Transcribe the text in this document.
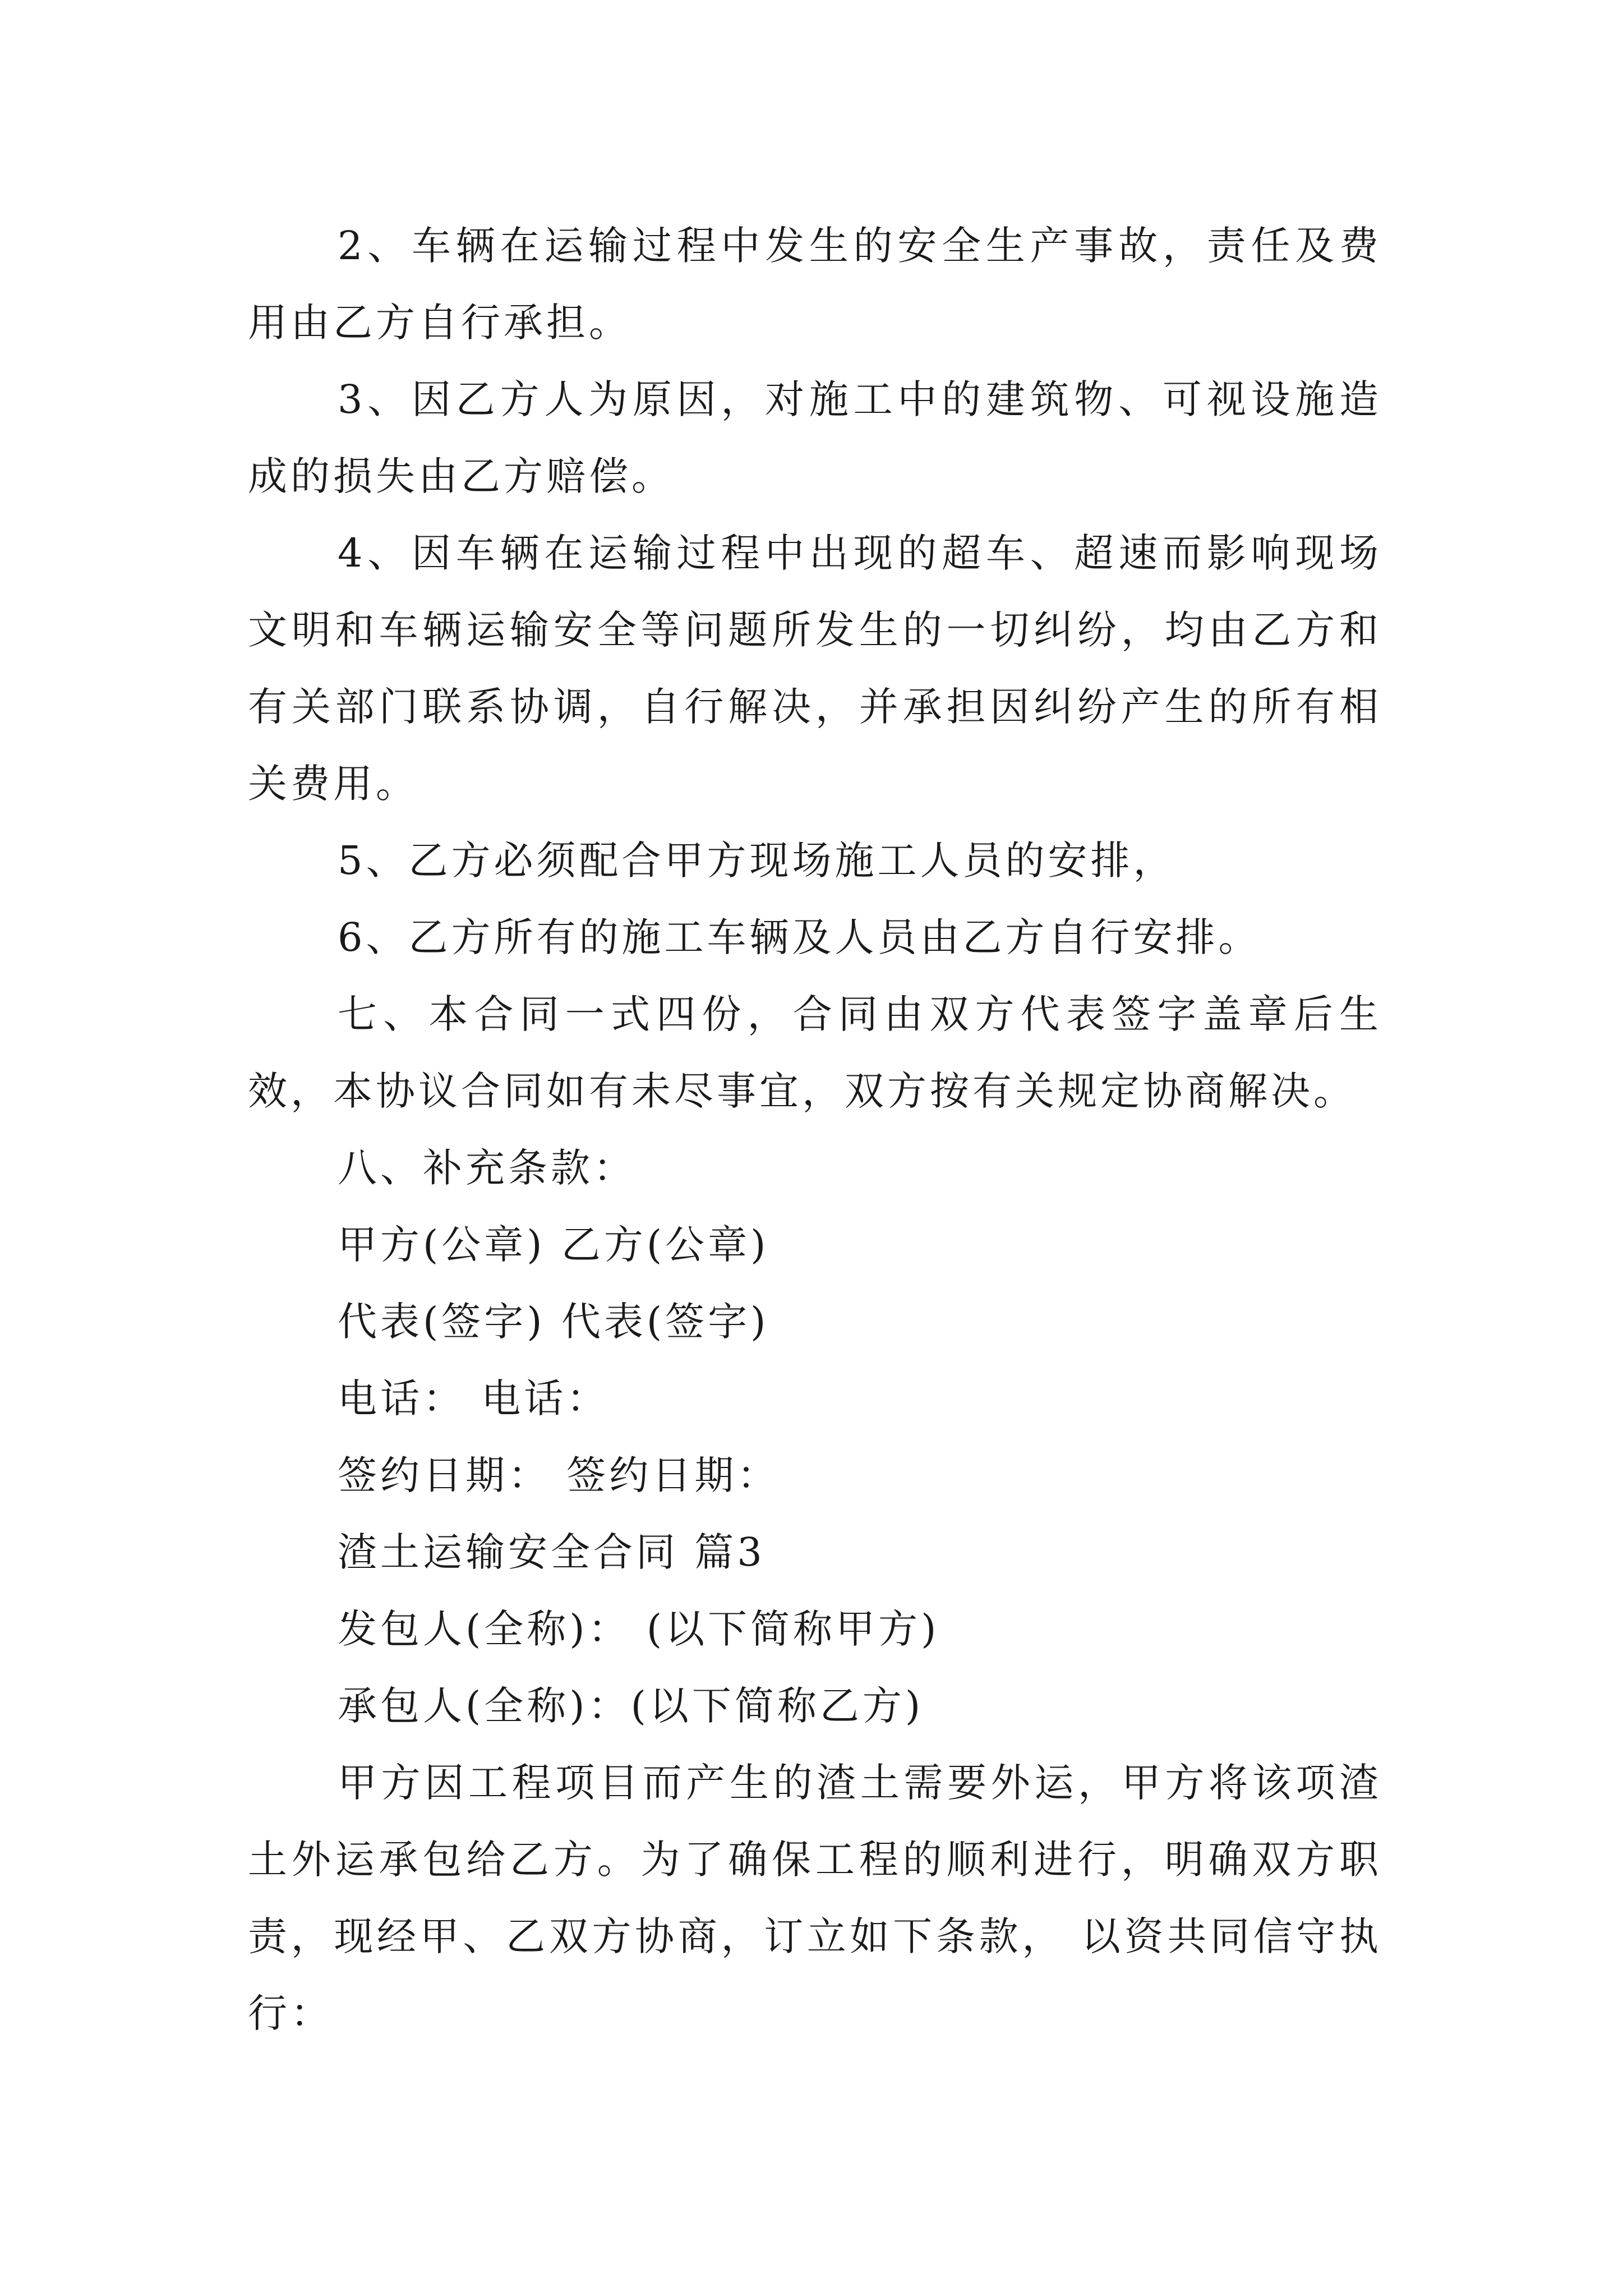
2、车辆在运输过程中发生的安全生产事故，责任及费用由乙方自行承担。

3、因乙方人为原因，对施工中的建筑物、可视设施造成的损失由乙方赔偿。

4、因车辆在运输过程中出现的超车、超速而影响现场文明和车辆运输安全等问题所发生的一切纠纷，均由乙方和有关部门联系协调，自行解决，并承担因纠纷产生的所有相关费用。

5、乙方必须配合甲方现场施工人员的安排，

6、乙方所有的施工车辆及人员由乙方自行安排。

七、本合同一式四份，合同由双方代表签字盖章后生效，本协议合同如有未尽事宜，双方按有关规定协商解决。

八、补充条款：

甲方(公章) 乙方(公章)

代表(签字) 代表(签字)

电话： 电话：

签约日期： 签约日期：

渣土运输安全合同 篇3

发包人(全称)： (以下简称甲方)

承包人(全称)：(以下简称乙方)

甲方因工程项目而产生的渣土需要外运，甲方将该项渣土外运承包给乙方。为了确保工程的顺利进行，明确双方职责，现经甲、乙双方协商，订立如下条款， 以资共同信守执行：
